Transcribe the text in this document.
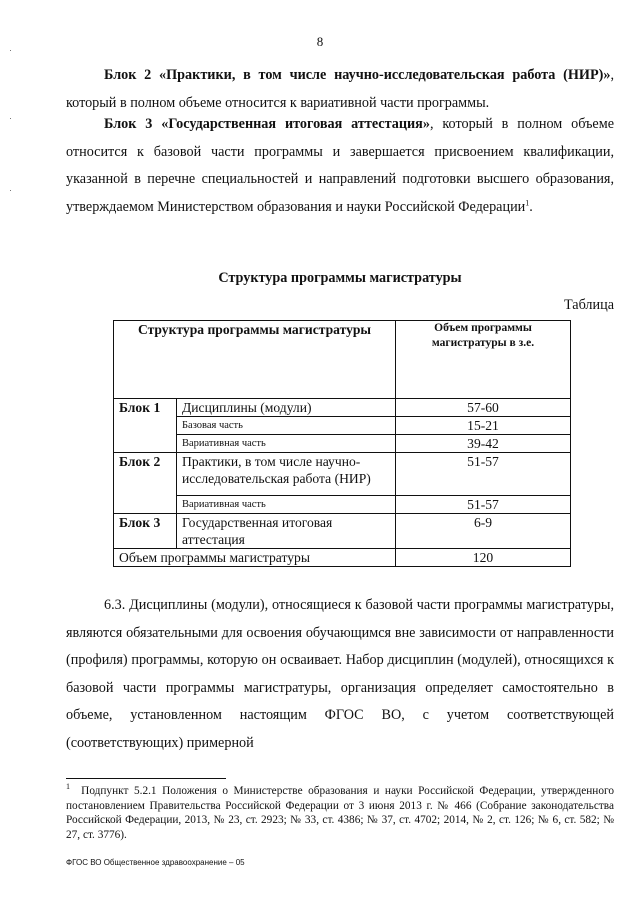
8

Блок 2 «Практики, в том числе научно-исследовательская работа (НИР)», который в полном объеме относится к вариативной части программы.

Блок 3 «Государственная итоговая аттестация», который в полном объеме относится к базовой части программы и завершается присвоением квалификации, указанной в перечне специальностей и направлений подготовки высшего образования, утверждаемом Министерством образования и науки Российской Федерации$^1$.

Структура программы магистратуры
Таблица
Структура программы магистратуры		Объем программы магистратуры в з.е.
Блок 1	Дисциплины (модули)	57-60
	Базовая часть	15-21
	Вариативная часть	39-42
Блок 2	Практики, в том числе научно-исследовательская работа (НИР)	51-57
	Вариативная часть	51-57
Блок 3	Государственная итоговая аттестация	6-9
Объем программы магистратуры		120

6.3. Дисциплины (модули), относящиеся к базовой части программы магистратуры, являются обязательными для освоения обучающимся вне зависимости от направленности (профиля) программы, которую он осваивает. Набор дисциплин (модулей), относящихся к базовой части программы магистратуры, организация определяет самостоятельно в объеме, установленном настоящим ФГОС ВО, с учетом соответствующей (соответствующих) примерной

$^1$ Подпункт 5.2.1 Положения о Министерстве образования и науки Российской Федерации, утвержденного постановлением Правительства Российской Федерации от 3 июня 2013 г. № 466 (Собрание законодательства Российской Федерации, 2013, № 23, ст. 2923; № 33, ст. 4386; № 37, ст. 4702; 2014, № 2, ст. 126; № 6, ст. 582; № 27, ст. 3776).

ФГОС ВО Общественное здравоохранение – 05
